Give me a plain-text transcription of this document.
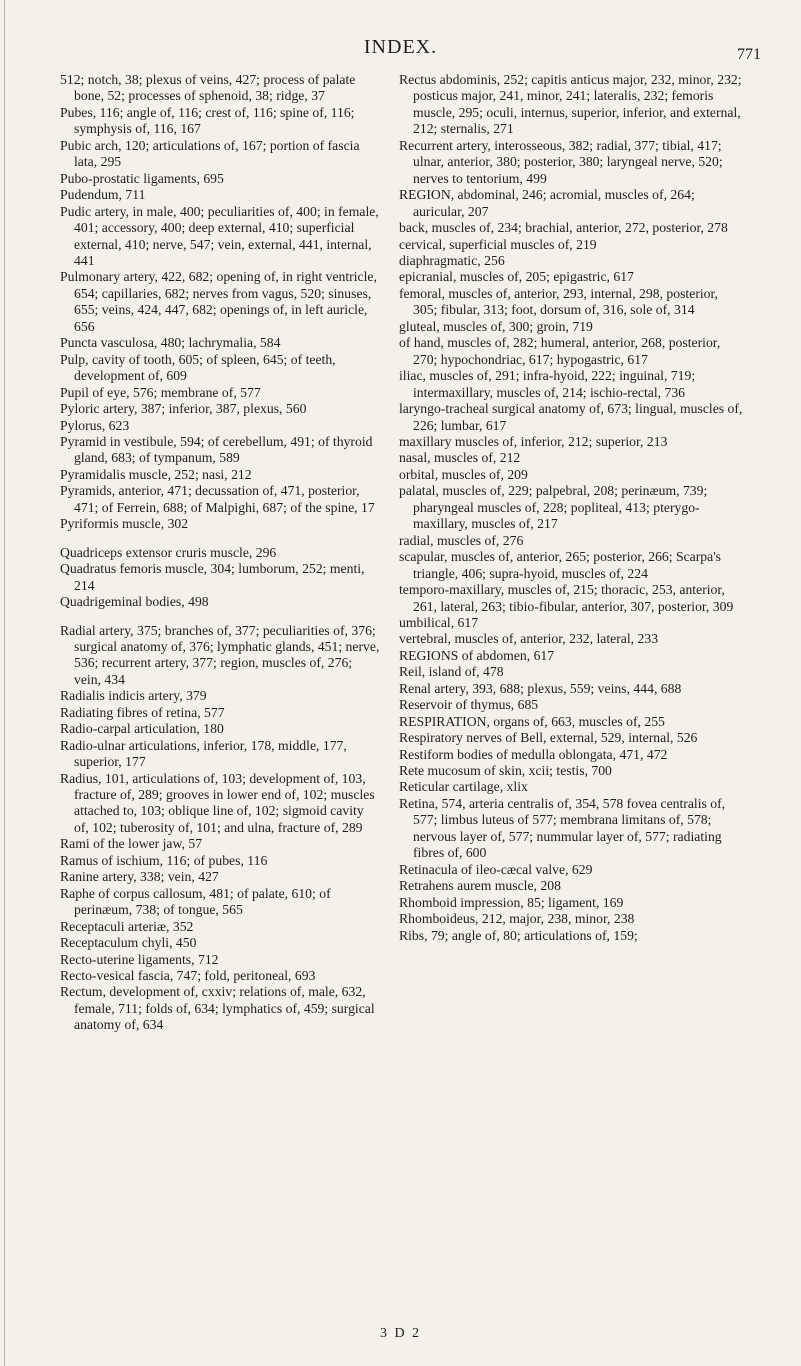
INDEX.	771
512; notch, 38; plexus of veins, 427; process of palate bone, 52; processes of sphenoid, 38; ridge, 37
Pubes, 116; angle of, 116; crest of, 116; spine of, 116; symphysis of, 116, 167
Pubic arch, 120; articulations of, 167; portion of fascia lata, 295
Pubo-prostatic ligaments, 695
Pudendum, 711
Pudic artery, in male, 400; peculiarities of, 400; in female, 401; accessory, 400; deep external, 410; superficial external, 410; nerve, 547; vein, external, 441, internal, 441
Pulmonary artery, 422, 682; opening of, in right ventricle, 654; capillaries, 682; nerves from vagus, 520; sinuses, 655; veins, 424, 447, 682; openings of, in left auricle, 656
Puncta vasculosa, 480; lachrymalia, 584
Pulp, cavity of tooth, 605; of spleen, 645; of teeth, development of, 609
Pupil of eye, 576; membrane of, 577
Pyloric artery, 387; inferior, 387, plexus, 560
Pylorus, 623
Pyramid in vestibule, 594; of cerebellum, 491; of thyroid gland, 683; of tympanum, 589
Pyramidalis muscle, 252; nasi, 212
Pyramids, anterior, 471; decussation of, 471, posterior, 471; of Ferrein, 688; of Malpighi, 687; of the spine, 17
Pyriformis muscle, 302
Quadriceps extensor cruris muscle, 296
Quadratus femoris muscle, 304; lumborum, 252; menti, 214
Quadrigeminal bodies, 498
Radial artery, 375; branches of, 377; peculiarities of, 376; surgical anatomy of, 376; lymphatic glands, 451; nerve, 536; recurrent artery, 377; region, muscles of, 276; vein, 434
Radialis indicis artery, 379
Radiating fibres of retina, 577
Radio-carpal articulation, 180
Radio-ulnar articulations, inferior, 178, middle, 177, superior, 177
Radius, 101, articulations of, 103; development of, 103, fracture of, 289; grooves in lower end of, 102; muscles attached to, 103; oblique line of, 102; sigmoid cavity of, 102; tuberosity of, 101; and ulna, fracture of, 289
Rami of the lower jaw, 57
Ramus of ischium, 116; of pubes, 116
Ranine artery, 338; vein, 427
Raphe of corpus callosum, 481; of palate, 610; of perinæum, 738; of tongue, 565
Receptaculi arteriæ, 352
Receptaculum chyli, 450
Recto-uterine ligaments, 712
Recto-vesical fascia, 747; fold, peritoneal, 693
Rectum, development of, cxxiv; relations of, male, 632, female, 711; folds of, 634; lymphatics of, 459; surgical anatomy of, 634
Rectus abdominis, 252; capitis anticus major, 232, minor, 232; posticus major, 241, minor, 241; lateralis, 232; femoris muscle, 295; oculi, internus, superior, inferior, and external, 212; sternalis, 271
Recurrent artery, interosseous, 382; radial, 377; tibial, 417; ulnar, anterior, 380; posterior, 380; laryngeal nerve, 520; nerves to tentorium, 499
REGION, abdominal, 246; acromial, muscles of, 264; auricular, 207
back, muscles of, 234; brachial, anterior, 272, posterior, 278
cervical, superficial muscles of, 219
diaphragmatic, 256
epicranial, muscles of, 205; epigastric, 617
femoral, muscles of, anterior, 293, internal, 298, posterior, 305; fibular, 313; foot, dorsum of, 316, sole of, 314
gluteal, muscles of, 300; groin, 719
of hand, muscles of, 282; humeral, anterior, 268, posterior, 270; hypochondriac, 617; hypogastric, 617
iliac, muscles of, 291; infra-hyoid, 222; inguinal, 719; intermaxillary, muscles of, 214; ischio-rectal, 736
laryngo-tracheal surgical anatomy of, 673; lingual, muscles of, 226; lumbar, 617
maxillary muscles of, inferior, 212; superior, 213
nasal, muscles of, 212
orbital, muscles of, 209
palatal, muscles of, 229; palpebral, 208; perinæum, 739; pharyngeal muscles of, 228; popliteal, 413; pterygo-maxillary, muscles of, 217
radial, muscles of, 276
scapular, muscles of, anterior, 265; posterior, 266; Scarpa's triangle, 406; supra-hyoid, muscles of, 224
temporo-maxillary, muscles of, 215; thoracic, 253, anterior, 261, lateral, 263; tibio-fibular, anterior, 307, posterior, 309
umbilical, 617
vertebral, muscles of, anterior, 232, lateral, 233
REGIONS of abdomen, 617
Reil, island of, 478
Renal artery, 393, 688; plexus, 559; veins, 444, 688
Reservoir of thymus, 685
RESPIRATION, organs of, 663, muscles of, 255
Respiratory nerves of Bell, external, 529, internal, 526
Restiform bodies of medulla oblongata, 471, 472
Rete mucosum of skin, xcii; testis, 700
Reticular cartilage, xlix
Retina, 574, arteria centralis of, 354, 578 fovea centralis of, 577; limbus luteus of 577; membrana limitans of, 578; nervous layer of, 577; nummular layer of, 577; radiating fibres of, 600
Retinacula of ileo-cæcal valve, 629
Retrahens aurem muscle, 208
Rhomboid impression, 85; ligament, 169
Rhomboideus, 212, major, 238, minor, 238
Ribs, 79; angle of, 80; articulations of, 159;
3 D 2
